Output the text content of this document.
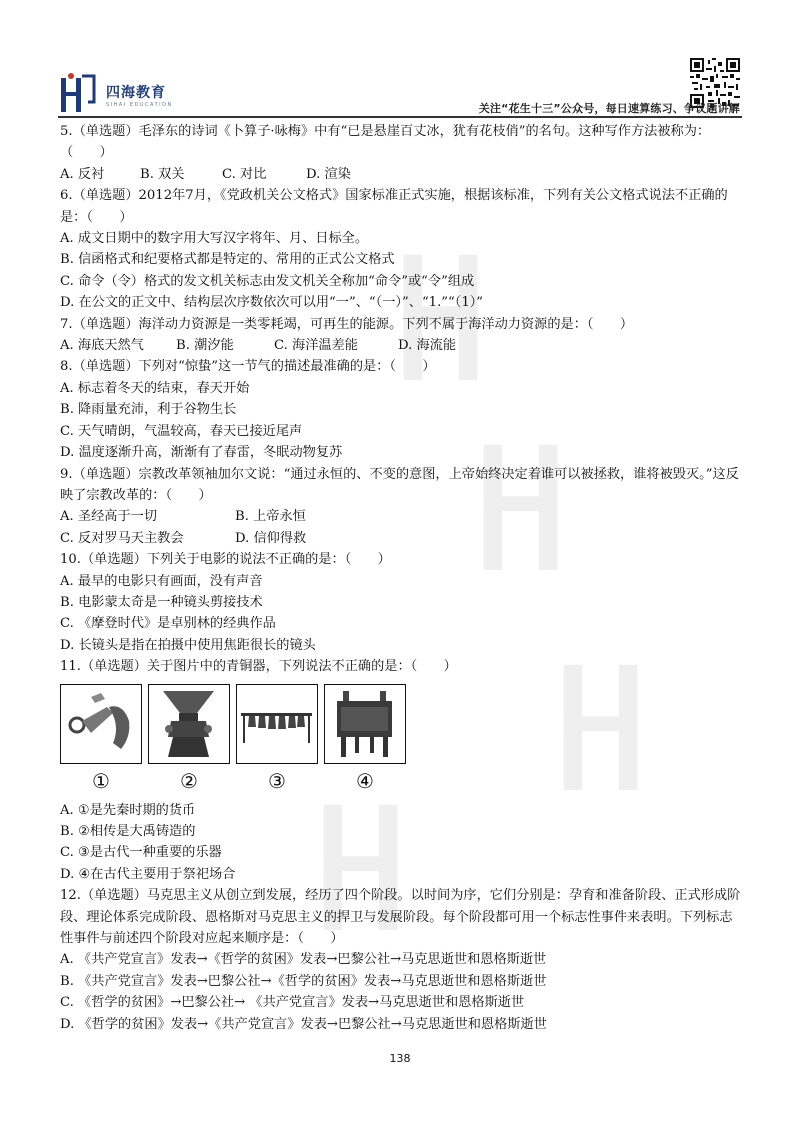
四海教育
SIHAI EDUCATION	关注“花生十三”公众号，每日速算练习、争议题讲解

5.（单选题）毛泽东的诗词《卜算子·咏梅》中有“已是悬崖百丈冰，犹有花枝俏”的名句。这种写作方法被称为：（　　）

A. 反衬	B. 双关	C. 对比	D. 渲染

6.（单选题）2012年7月，《党政机关公文格式》国家标准正式实施，根据该标准，下列有关公文格式说法不正确的是：（　　）

A. 成文日期中的数字用大写汉字将年、月、日标全。

B. 信函格式和纪要格式都是特定的、常用的正式公文格式

C. 命令（令）格式的发文机关标志由发文机关全称加“命令”或“令”组成

D. 在公文的正文中、结构层次序数依次可以用“一”、“（一）”、“1.”“（1）”

7.（单选题）海洋动力资源是一类零耗竭，可再生的能源。下列不属于海洋动力资源的是：（　　）

A. 海底天然气	B. 潮汐能	C. 海洋温差能	D. 海流能

8.（单选题）下列对“惊蛰”这一节气的描述最准确的是：（　　）

A. 标志着冬天的结束，春天开始

B. 降雨量充沛，利于谷物生长

C. 天气晴朗，气温较高，春天已接近尾声

D. 温度逐渐升高，渐渐有了春雷，冬眠动物复苏

9.（单选题）宗教改革领袖加尔文说：“通过永恒的、不变的意图，上帝始终决定着谁可以被拯救，谁将被毁灭。”这反映了宗教改革的：（　　）

A. 圣经高于一切	B. 上帝永恒
C. 反对罗马天主教会	D. 信仰得救

10.（单选题）下列关于电影的说法不正确的是：（　　）

A. 最早的电影只有画面，没有声音

B. 电影蒙太奇是一种镜头剪接技术

C. 《摩登时代》是卓别林的经典作品

D. 长镜头是指在拍摄中使用焦距很长的镜头

11.（单选题）关于图片中的青铜器，下列说法不正确的是：（　　）

①	②	③	④

A. ①是先秦时期的货币

B. ②相传是大禹铸造的

C. ③是古代一种重要的乐器

D. ④在古代主要用于祭祀场合

12.（单选题）马克思主义从创立到发展，经历了四个阶段。以时间为序，它们分别是：孕育和准备阶段、正式形成阶段、理论体系完成阶段、恩格斯对马克思主义的捍卫与发展阶段。每个阶段都可用一个标志性事件来表明。下列标志性事件与前述四个阶段对应起来顺序是：（　　）

A. 《共产党宣言》发表→《哲学的贫困》发表→巴黎公社→马克思逝世和恩格斯逝世

B. 《共产党宣言》发表→巴黎公社→《哲学的贫困》发表→马克思逝世和恩格斯逝世

C. 《哲学的贫困》→巴黎公社→ 《共产党宣言》发表→马克思逝世和恩格斯逝世

D. 《哲学的贫困》发表→《共产党宣言》发表→巴黎公社→马克思逝世和恩格斯逝世

138
